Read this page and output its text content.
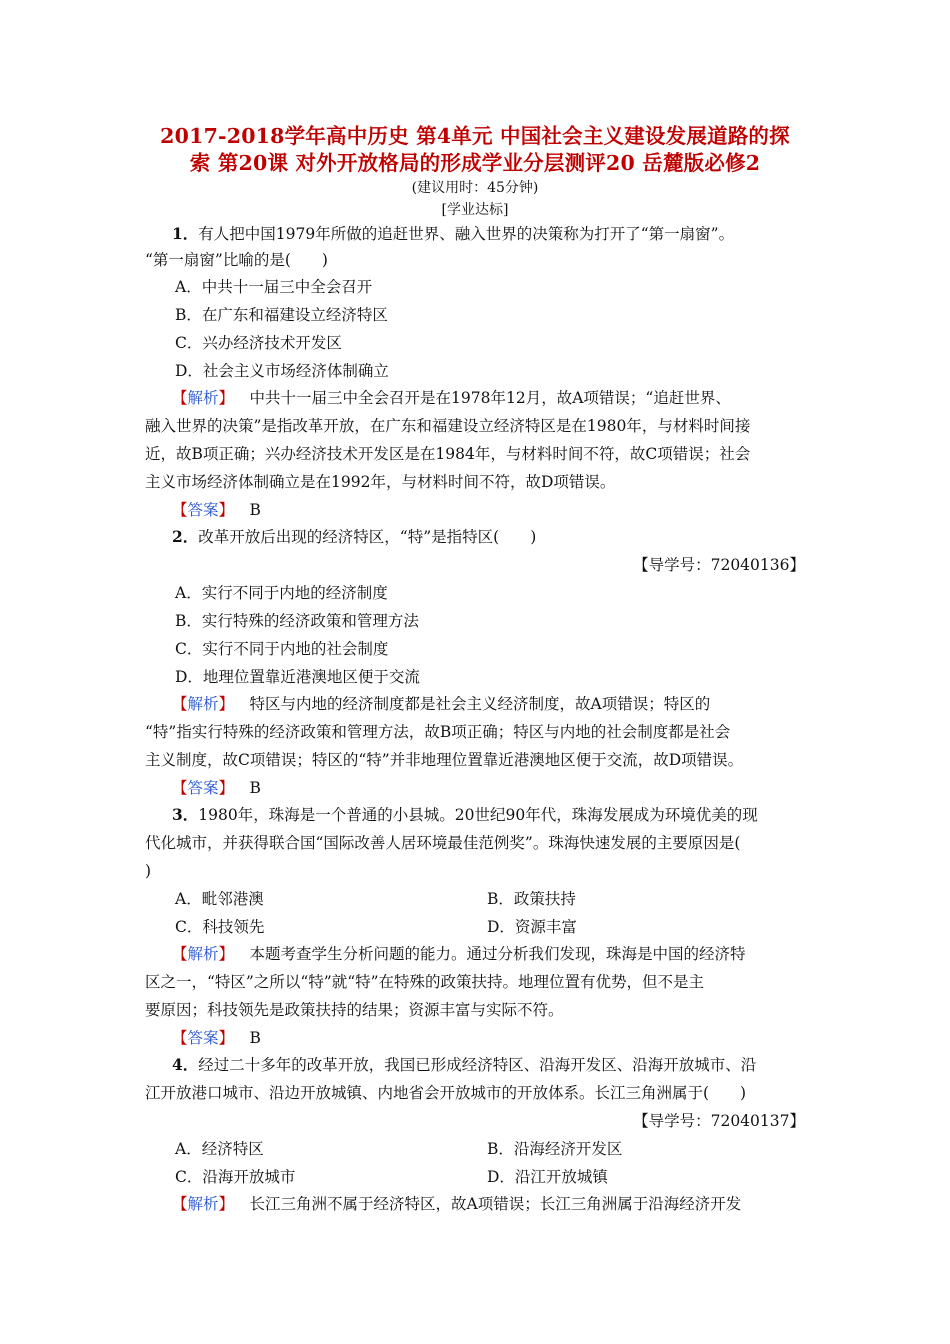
2017-2018学年高中历史 第4单元 中国社会主义建设发展道路的探
索 第20课 对外开放格局的形成学业分层测评20 岳麓版必修2
(建议用时：45分钟)
[学业达标]
1．有人把中国1979年所做的追赶世界、融入世界的决策称为打开了“第一扇窗”。
“第一扇窗”比喻的是(　　)
A．中共十一届三中全会召开
B．在广东和福建设立经济特区
C．兴办经济技术开发区
D．社会主义市场经济体制确立
【解析】  中共十一届三中全会召开是在1978年12月，故A项错误；“追赶世界、
融入世界的决策”是指改革开放，在广东和福建设立经济特区是在1980年，与材料时间接
近，故B项正确；兴办经济技术开发区是在1984年，与材料时间不符，故C项错误；社会
主义市场经济体制确立是在1992年，与材料时间不符，故D项错误。
【答案】  B
2．改革开放后出现的经济特区，“特”是指特区(　　)
【导学号：72040136】
A．实行不同于内地的经济制度
B．实行特殊的经济政策和管理方法
C．实行不同于内地的社会制度
D．地理位置靠近港澳地区便于交流
【解析】  特区与内地的经济制度都是社会主义经济制度，故A项错误；特区的
“特”指实行特殊的经济政策和管理方法，故B项正确；特区与内地的社会制度都是社会
主义制度，故C项错误；特区的“特”并非地理位置靠近港澳地区便于交流，故D项错误。
【答案】  B
3．1980年，珠海是一个普通的小县城。20世纪90年代，珠海发展成为环境优美的现
代化城市，并获得联合国“国际改善人居环境最佳范例奖”。珠海快速发展的主要原因是(
)
A．毗邻港澳	B．政策扶持
C．科技领先	D．资源丰富
【解析】  本题考查学生分析问题的能力。通过分析我们发现，珠海是中国的经济特
区之一，“特区”之所以“特”就“特”在特殊的政策扶持。地理位置有优势，但不是主
要原因；科技领先是政策扶持的结果；资源丰富与实际不符。
【答案】  B
4．经过二十多年的改革开放，我国已形成经济特区、沿海开发区、沿海开放城市、沿
江开放港口城市、沿边开放城镇、内地省会开放城市的开放体系。长江三角洲属于(　　)
【导学号：72040137】
A．经济特区	B．沿海经济开发区
C．沿海开放城市	D．沿江开放城镇
【解析】  长江三角洲不属于经济特区，故A项错误；长江三角洲属于沿海经济开发
